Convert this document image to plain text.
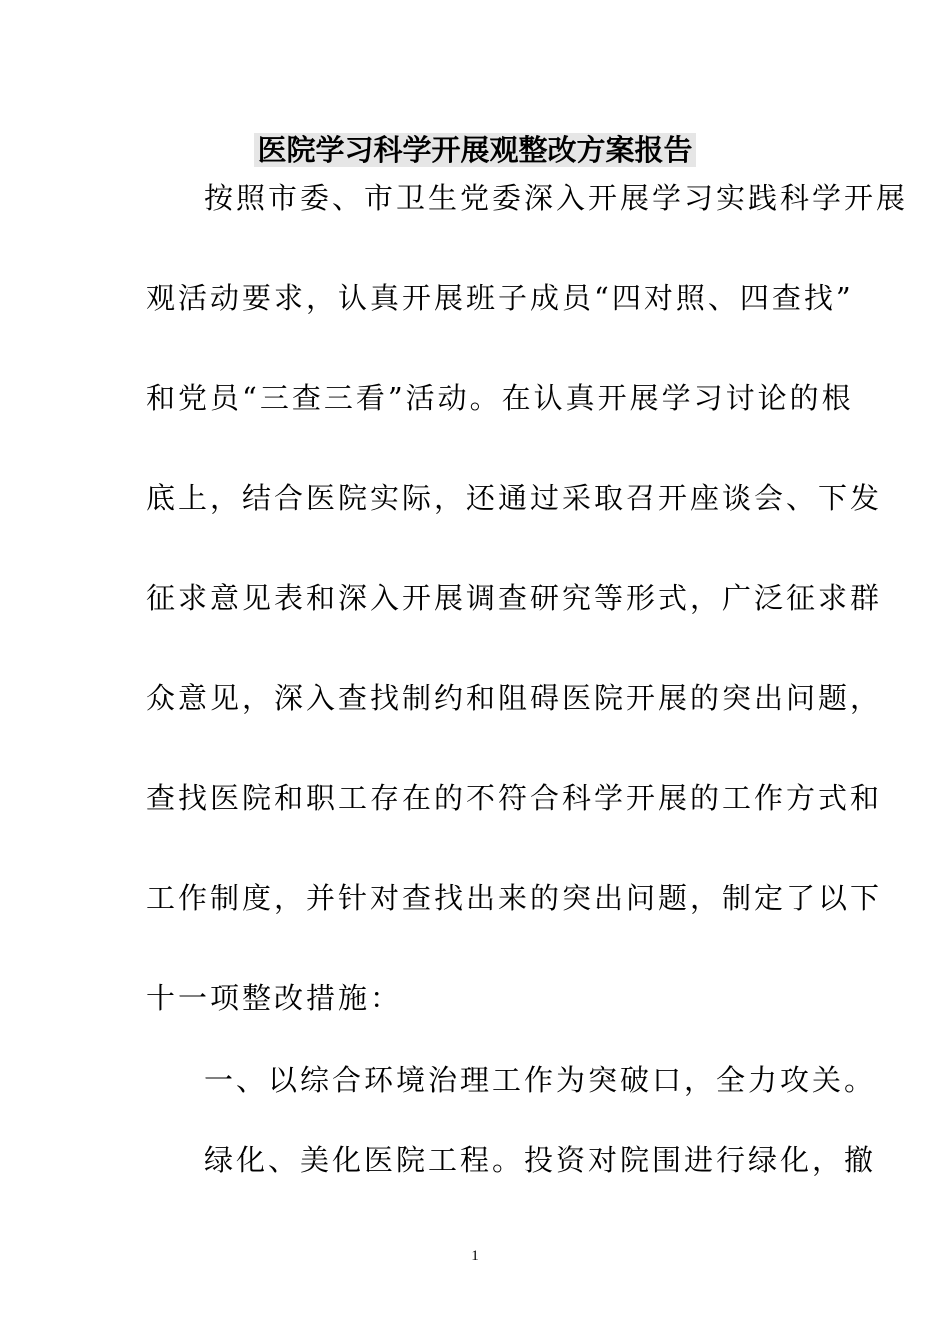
医院学习科学开展观整改方案报告
按照市委、市卫生党委深入开展学习实践科学开展
观活动要求，认真开展班子成员“四对照、四查找”
和党员“三查三看”活动。在认真开展学习讨论的根
底上，结合医院实际，还通过采取召开座谈会、下发
征求意见表和深入开展调查研究等形式，广泛征求群
众意见，深入查找制约和阻碍医院开展的突出问题，
查找医院和职工存在的不符合科学开展的工作方式和
工作制度，并针对查找出来的突出问题，制定了以下
十一项整改措施：
一、以综合环境治理工作为突破口，全力攻关。
绿化、美化医院工程。投资对院围进行绿化，撤
1
